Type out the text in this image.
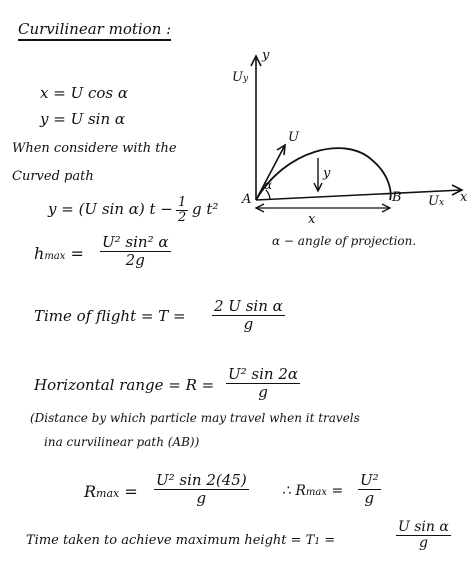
Curvilinear motion :
x = U cos α
y = U sin α
When considere with the
Curved path
y = (U sin α) $t - \frac{1}{2}$ g t²
$hmax = \frac{\text{U² sin² α}}{2g}$
Time of flight = $T = \frac{\text{2 U sin α}}{g}$
Horizontal range = $R = \frac{\text{U² sin 2α}}{g}$
(Distance by which particle may travel when it travels
ina curvilinear path (AB))
$Rmax = \frac{\text{U² sin 2(45)}}{g}$ ∴ $Rmax = \frac{\text{U²}}{g}$
Time taken to achieve maximum height = T1 =	$\frac{\text{U sin α}}{g}$
y
Uy
U
α
y
A	B	x
Ux
x
α − angle of projection.
